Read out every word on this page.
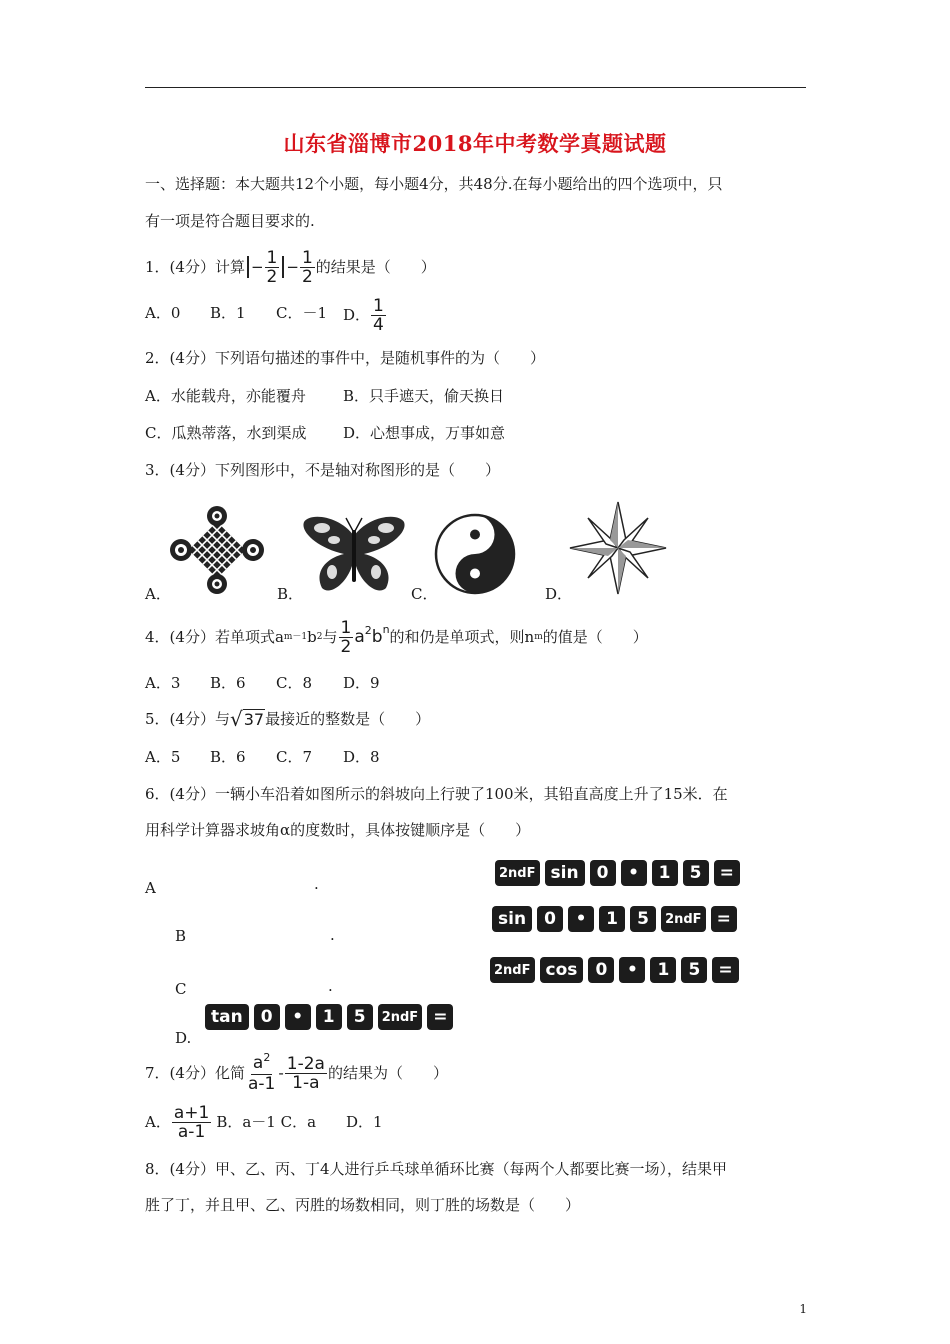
山东省淄博市2018年中考数学真题试题
一、选择题：本大题共12个小题，每小题4分，共48分.在每小题给出的四个选项中，只
有一项是符合题目要求的.
1．(4分）计算 − $\frac{1}{2} - \frac{1}{2}$ 的结果是（　　）
A．0 B．1 C．－1 D． $\frac{1}{4}$
2．(4分）下列语句描述的事件中，是随机事件的为（　　）
A．水能载舟，亦能覆舟 B．只手遮天，偷天换日
C．瓜熟蒂落，水到渠成 D．心想事成，万事如意
3．(4分）下列图形中，不是轴对称图形的是（　　）
A．	B．	C．	D．
4．(4分）若单项式a m－1 b 2 与 $\frac{1}{2}$ a 2 b n 的和仍是单项式，则n m 的值是（　　）
A．3 B．6 C．8 D．9
5．(4分）与 √ 37 最接近的整数是（　　）
A．5 B．6 C．7 D．8
6．(4分）一辆小车沿着如图所示的斜坡向上行驶了100米，其铅直高度上升了15米．在
用科学计算器求坡角α的度数时，具体按键顺序是（　　）
A	.
2ndF sin	0	•	1	5	=
B	.
sin	0	•	1	5	2ndF =
C	.
2ndF cos	0	•	1	5	=
D.
tan	0	•	1	5	2ndF =
7．(4分）化简 $\frac{a^2}{a-1} - \frac{1-2a}{1-a}$ 的结果为（　　）
A． $\frac{a+1}{a-1}$ B．a－1 C．a　　D．1
8．(4分）甲、乙、丙、丁4人进行乒乓球单循环比赛（每两个人都要比赛一场），结果甲
胜了丁，并且甲、乙、丙胜的场数相同，则丁胜的场数是（　　）
1
